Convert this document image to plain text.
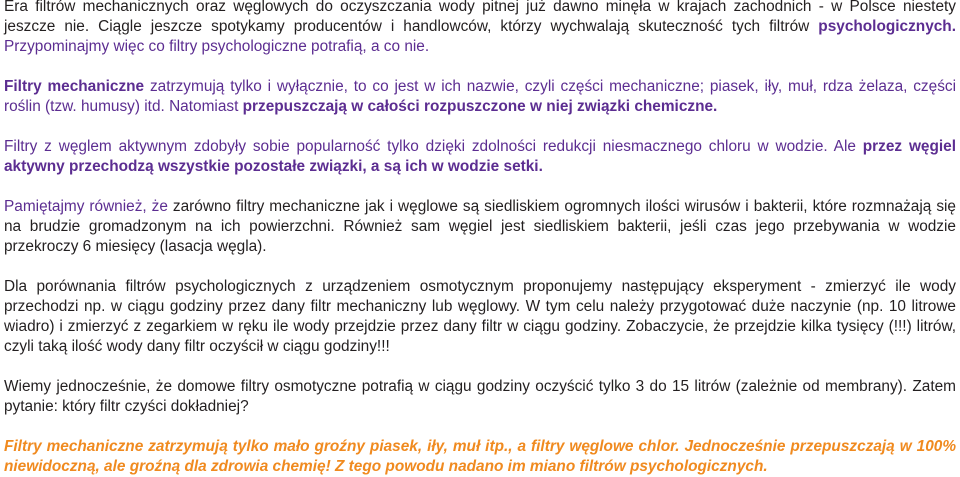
Era filtrów mechanicznych oraz węglowych do oczyszczania wody pitnej już dawno minęła w krajach zachodnich - w Polsce niestety jeszcze nie. Ciągle jeszcze spotykamy producentów i handlowców, którzy wychwalają skuteczność tych filtrów psychologicznych. Przypominajmy więc co filtry psychologiczne potrafią, a co nie.

Filtry mechaniczne zatrzymują tylko i wyłącznie, to co jest w ich nazwie, czyli części mechaniczne; piasek, iły, muł, rdza żelaza, części roślin (tzw. humusy) itd. Natomiast przepuszczają w całości rozpuszczone w niej związki chemiczne.

Filtry z węglem aktywnym zdobyły sobie popularność tylko dzięki zdolności redukcji niesmacznego chloru w wodzie. Ale przez węgiel aktywny przechodzą wszystkie pozostałe związki, a są ich w wodzie setki.

Pamiętajmy również, że zarówno filtry mechaniczne jak i węglowe są siedliskiem ogromnych ilości wirusów i bakterii, które rozmnażają się na brudzie gromadzonym na ich powierzchni. Również sam węgiel jest siedliskiem bakterii, jeśli czas jego przebywania w wodzie przekroczy 6 miesięcy (lasacja węgla).

Dla porównania filtrów psychologicznych z urządzeniem osmotycznym proponujemy następujący eksperyment - zmierzyć ile wody przechodzi np. w ciągu godziny przez dany filtr mechaniczny lub węglowy. W tym celu należy przygotować duże naczynie (np. 10 litrowe wiadro) i zmierzyć z zegarkiem w ręku ile wody przejdzie przez dany filtr w ciągu godziny. Zobaczycie, że przejdzie kilka tysięcy (!!!) litrów, czyli taką ilość wody dany filtr oczyścił w ciągu godziny!!!

Wiemy jednocześnie, że domowe filtry osmotyczne potrafią w ciągu godziny oczyścić tylko 3 do 15 litrów (zależnie od membrany). Zatem pytanie: który filtr czyści dokładniej?

Filtry mechaniczne zatrzymują tylko mało groźny piasek, iły, muł itp., a filtry węglowe chlor. Jednocześnie przepuszczają w 100% niewidoczną, ale groźną dla zdrowia chemię! Z tego powodu nadano im miano filtrów psychologicznych.
